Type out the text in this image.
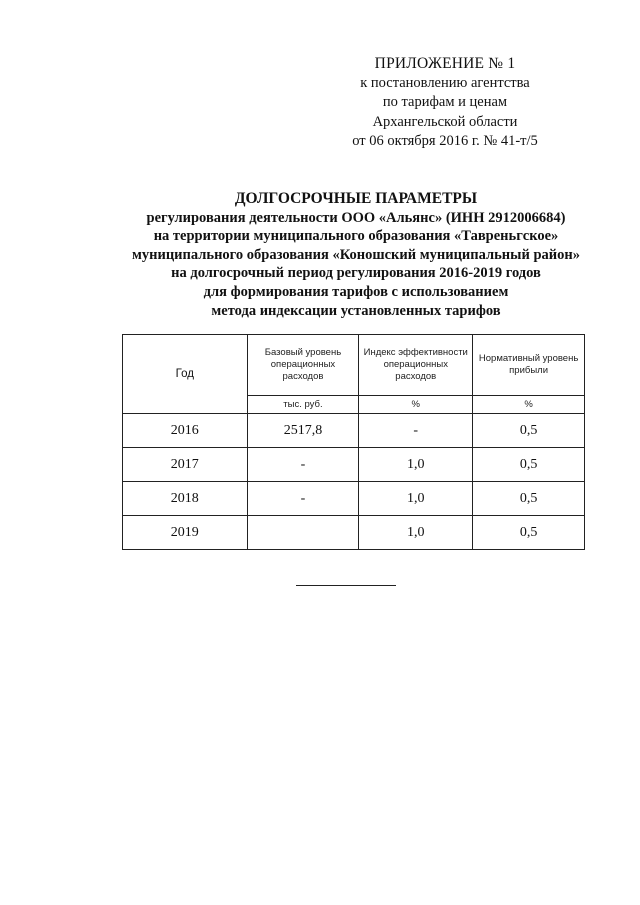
ПРИЛОЖЕНИЕ № 1
к постановлению агентства
по тарифам и ценам
Архангельской области
от 06 октября 2016 г. № 41-т/5
ДОЛГОСРОЧНЫЕ ПАРАМЕТРЫ
регулирования деятельности ООО «Альянс» (ИНН 2912006684)
на территории муниципального образования «Тавреньгское»
муниципального образования «Коношский муниципальный район»
на долгосрочный период регулирования 2016-2019 годов
для формирования тарифов с использованием
метода индексации установленных тарифов
Год	Базовый уровень операционных расходов	Индекс эффективности операционных расходов	Нормативный уровень прибыли
	тыс. руб.	%	%
2016	2517,8	-	0,5
2017	-	1,0	0,5
2018	-	1,0	0,5
2019		1,0	0,5
